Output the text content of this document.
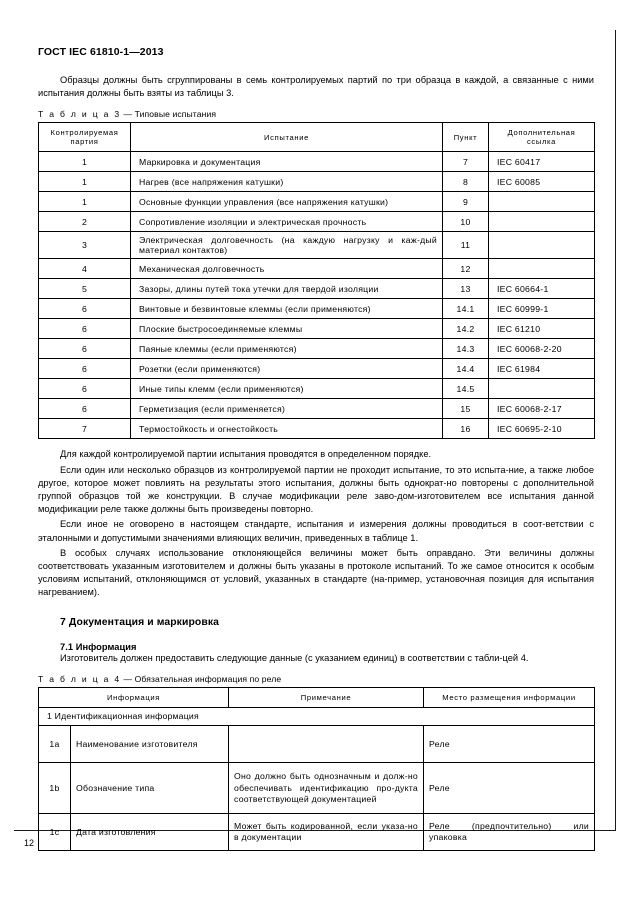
ГОСТ IEC 61810-1—2013

Образцы должны быть сгруппированы в семь контролируемых партий по три образца в каждой, а связанные с ними испытания должны быть взяты из таблицы 3.

Т а б л и ц а 3 — Типовые испытания
Контролируемая партия	Испытание	Пункт	Дополнительная ссылка
1	Маркировка и документация	7	IEC 60417
1	Нагрев (все напряжения катушки)	8	IEC 60085
1	Основные функции управления (все напряжения катушки)	9	
2	Сопротивление изоляции и электрическая прочность	10	
3	Электрическая долговечность (на каждую нагрузку и каж-дый материал контактов)	11	
4	Механическая долговечность	12	
5	Зазоры, длины путей тока утечки для твердой изоляции	13	IEC 60664-1
6	Винтовые и безвинтовые клеммы (если применяются)	14.1	IEC 60999-1
6	Плоские быстросоединяемые клеммы	14.2	IEC 61210
6	Паяные клеммы (если применяются)	14.3	IEC 60068-2-20
6	Розетки (если применяются)	14.4	IEC 61984
6	Иные типы клемм (если применяются)	14.5	
6	Герметизация (если применяется)	15	IEC 60068-2-17
7	Термостойкость и огнестойкость	16	IEC 60695-2-10

Для каждой контролируемой партии испытания проводятся в определенном порядке.

Если один или несколько образцов из контролируемой партии не проходит испытание, то это испыта-ние, а также любое другое, которое может повлиять на результаты этого испытания, должны быть однократ-но повторены с дополнительной группой образцов той же конструкции. В случае модификации реле заво-дом-изготовителем все испытания данной модификации реле также должны быть произведены повторно.

Если иное не оговорено в настоящем стандарте, испытания и измерения должны проводиться в соот-ветствии с эталонными и допустимыми значениями влияющих величин, приведенных в таблице 1.

В особых случаях использование отклоняющейся величины может быть оправдано. Эти величины должны соответствовать указанным изготовителем и должны быть указаны в протоколе испытаний. То же самое относится к особым условиям испытаний, отклоняющимся от условий, указанных в стандарте (на-пример, установочная позиция для испытания нагреванием).

7 Документация и маркировка
7.1 Информация

Изготовитель должен предоставить следующие данные (с указанием единиц) в соответствии с табли-цей 4.

Т а б л и ц а 4 — Обязательная информация по реле
Информация		Примечание	Место размещения информации
1 Идентификационная информация			
1a	Наименование изготовителя		Реле
1b	Обозначение типа	Оно должно быть однозначным и долж-но обеспечивать идентификацию про-дукта соответствующей документацией	Реле
1c	Дата изготовления	Может быть кодированной, если указа-но в документации	Реле (предпочтительно) или упаковка
12
